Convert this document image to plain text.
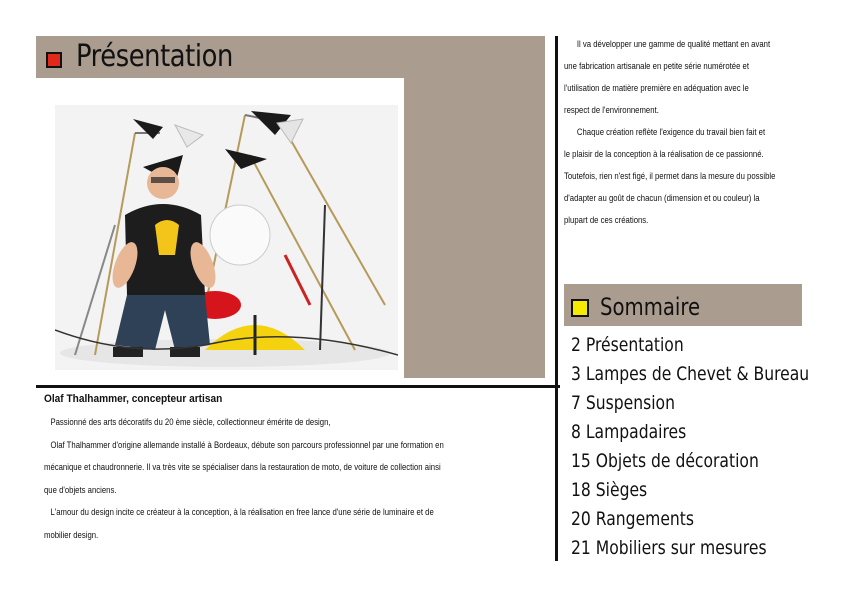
Présentation
Olaf Thalhammer, concepteur artisan

Passionné des arts décoratifs du 20 ème siècle, collectionneur émérite de design,

Olaf Thalhammer d'origine allemande installé à Bordeaux, débute son parcours professionnel par une formation en

mécanique et chaudronnerie. Il va très vite se spécialiser dans la restauration de moto, de voiture de collection ainsi

que d'objets anciens.

L'amour du design incite ce créateur à la conception, à la réalisation en free lance d'une série de luminaire et de

mobilier design.

Il va développer une gamme de qualité mettant en avant

une fabrication artisanale en petite série numérotée et

l'utilisation de matière première en adéquation avec le

respect de l'environnement.

Chaque création reflète l'exigence du travail bien fait et

le plaisir de la conception à la réalisation de ce passionné.

Toutefois, rien n'est figé, il permet dans la mesure du possible

d'adapter au goût de chacun (dimension et ou couleur) la

plupart de ces créations.

Sommaire
2 Présentation
3 Lampes de Chevet & Bureau
7 Suspension
8 Lampadaires
15 Objets de décoration
18 Sièges
20 Rangements
21 Mobiliers sur mesures
